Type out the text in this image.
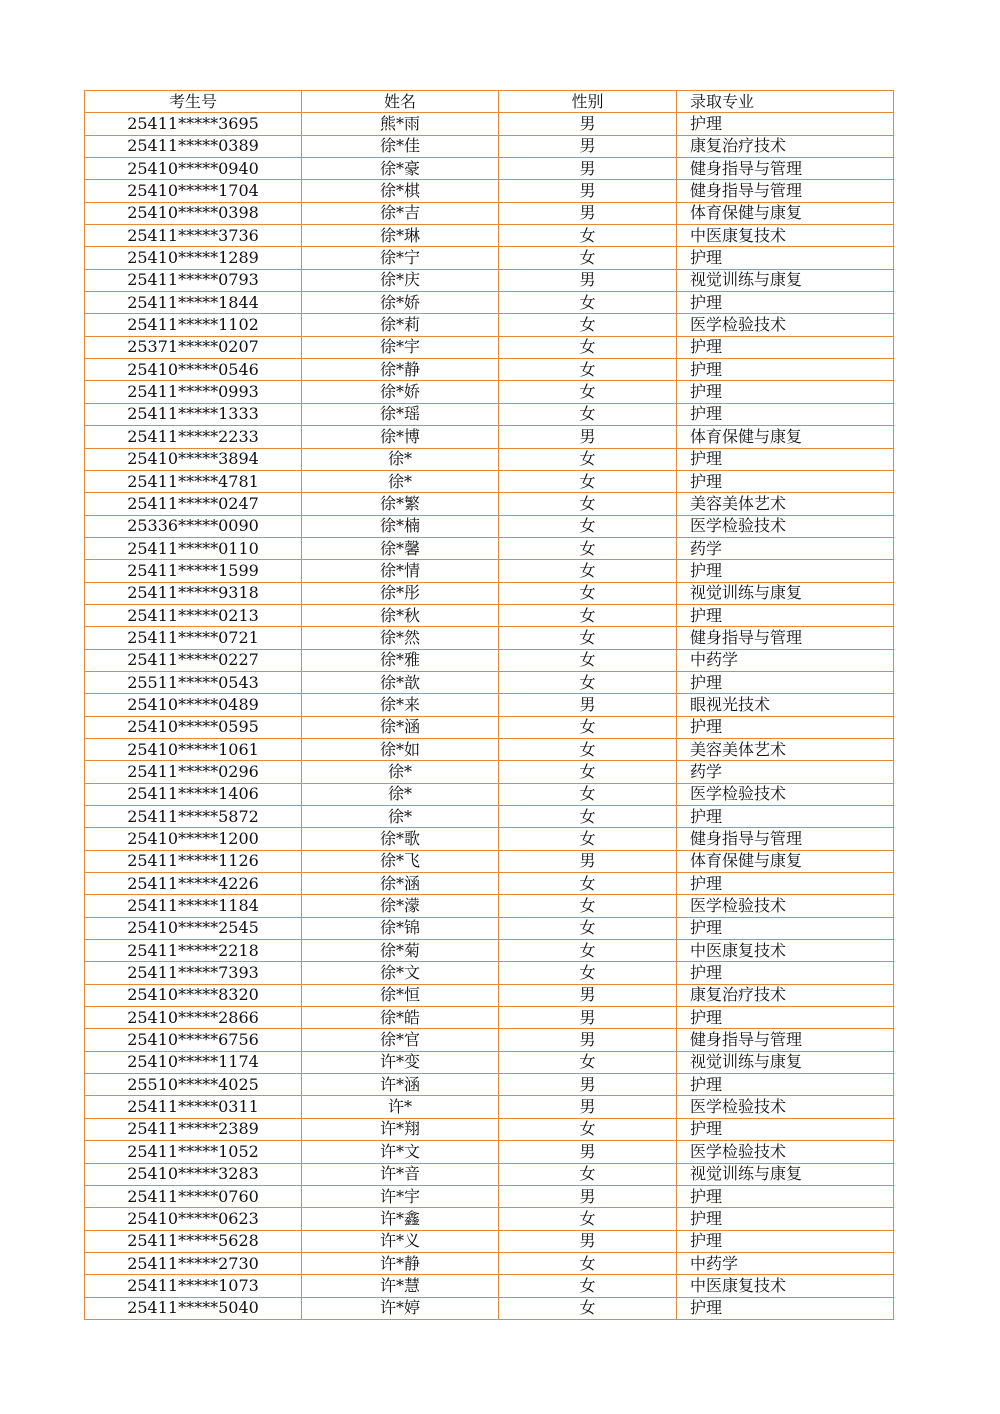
考生号	姓名	性别	录取专业
25411*****3695	熊*雨	男	护理
25411*****0389	徐*佳	男	康复治疗技术
25410*****0940	徐*豪	男	健身指导与管理
25410*****1704	徐*棋	男	健身指导与管理
25410*****0398	徐*吉	男	体育保健与康复
25411*****3736	徐*琳	女	中医康复技术
25410*****1289	徐*宁	女	护理
25411*****0793	徐*庆	男	视觉训练与康复
25411*****1844	徐*娇	女	护理
25411*****1102	徐*莉	女	医学检验技术
25371*****0207	徐*宇	女	护理
25410*****0546	徐*静	女	护理
25411*****0993	徐*娇	女	护理
25411*****1333	徐*瑶	女	护理
25411*****2233	徐*博	男	体育保健与康复
25410*****3894	徐*	女	护理
25411*****4781	徐*	女	护理
25411*****0247	徐*繁	女	美容美体艺术
25336*****0090	徐*楠	女	医学检验技术
25411*****0110	徐*馨	女	药学
25411*****1599	徐*情	女	护理
25411*****9318	徐*彤	女	视觉训练与康复
25411*****0213	徐*秋	女	护理
25411*****0721	徐*然	女	健身指导与管理
25411*****0227	徐*雅	女	中药学
25511*****0543	徐*歆	女	护理
25410*****0489	徐*来	男	眼视光技术
25410*****0595	徐*涵	女	护理
25410*****1061	徐*如	女	美容美体艺术
25411*****0296	徐*	女	药学
25411*****1406	徐*	女	医学检验技术
25411*****5872	徐*	女	护理
25410*****1200	徐*歌	女	健身指导与管理
25411*****1126	徐*飞	男	体育保健与康复
25411*****4226	徐*涵	女	护理
25411*****1184	徐*濛	女	医学检验技术
25410*****2545	徐*锦	女	护理
25411*****2218	徐*菊	女	中医康复技术
25411*****7393	徐*文	女	护理
25410*****8320	徐*恒	男	康复治疗技术
25410*****2866	徐*皓	男	护理
25410*****6756	徐*官	男	健身指导与管理
25410*****1174	许*变	女	视觉训练与康复
25510*****4025	许*涵	男	护理
25411*****0311	许*	男	医学检验技术
25411*****2389	许*翔	女	护理
25411*****1052	许*文	男	医学检验技术
25410*****3283	许*音	女	视觉训练与康复
25411*****0760	许*宇	男	护理
25410*****0623	许*鑫	女	护理
25411*****5628	许*义	男	护理
25411*****2730	许*静	女	中药学
25411*****1073	许*慧	女	中医康复技术
25411*****5040	许*婷	女	护理
